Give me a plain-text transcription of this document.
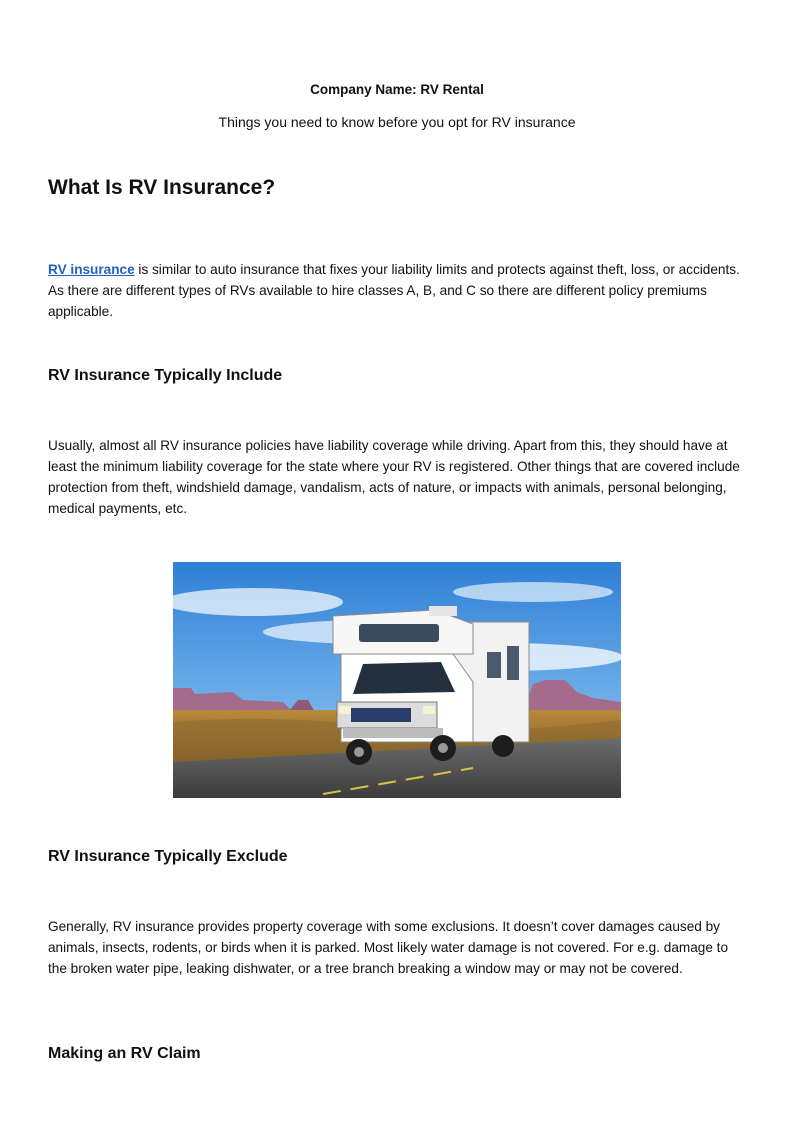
Company Name: RV Rental
Things you need to know before you opt for RV insurance
What Is RV Insurance?

RV insurance is similar to auto insurance that fixes your liability limits and protects against theft, loss, or accidents. As there are different types of RVs available to hire classes A, B, and C so there are different policy premiums applicable.

RV Insurance Typically Include

Usually, almost all RV insurance policies have liability coverage while driving. Apart from this, they should have at least the minimum liability coverage for the state where your RV is registered. Other things that are covered include protection from theft, windshield damage, vandalism, acts of nature, or impacts with animals, personal belonging, medical payments, etc.

RV Insurance Typically Exclude

Generally, RV insurance provides property coverage with some exclusions. It doesn’t cover damages caused by animals, insects, rodents, or birds when it is parked. Most likely water damage is not covered. For e.g. damage to the broken water pipe, leaking dishwater, or a tree branch breaking a window may or may not be covered.

Making an RV Claim
